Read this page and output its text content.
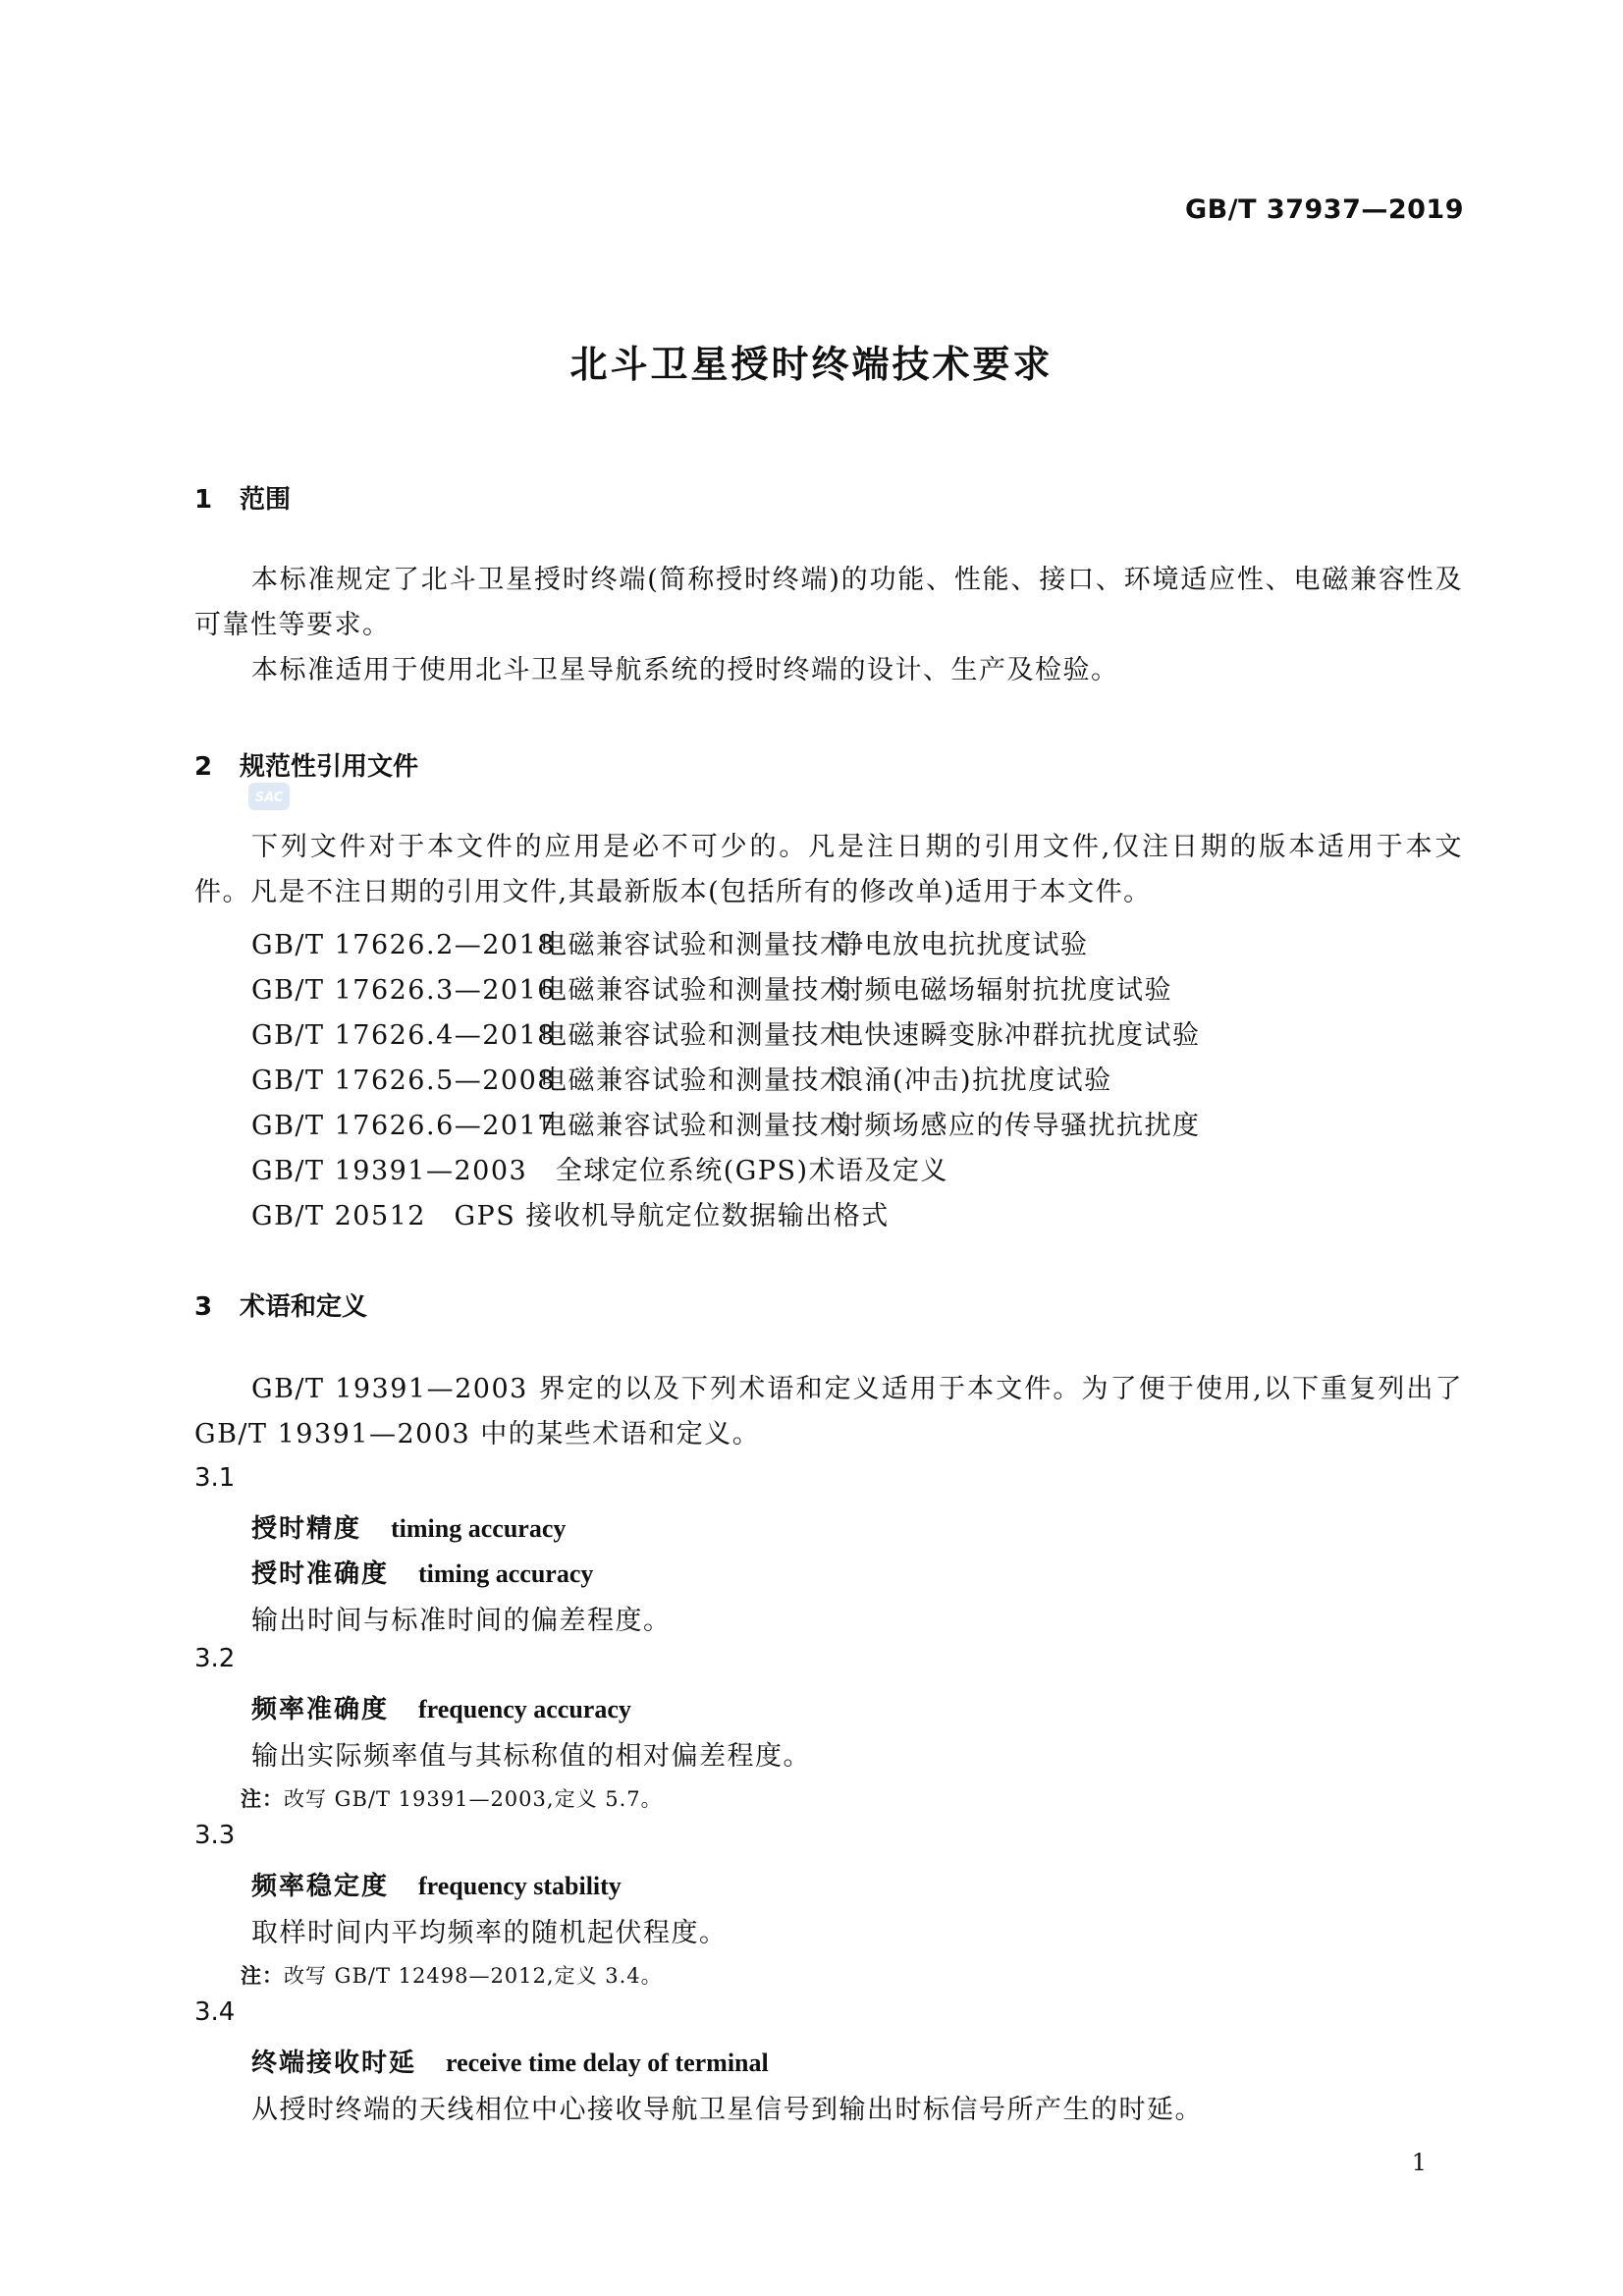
GB/T 37937—2019
北斗卫星授时终端技术要求
1 范围
本标准规定了北斗卫星授时终端(简称授时终端)的功能、性能、接口、环境适应性、电磁兼容性及可靠性等要求。
本标准适用于使用北斗卫星导航系统的授时终端的设计、生产及检验。
2 规范性引用文件
SAC
下列文件对于本文件的应用是必不可少的。凡是注日期的引用文件,仅注日期的版本适用于本文件。凡是不注日期的引用文件,其最新版本(包括所有的修改单)适用于本文件。
GB/T 17626.2—2018电磁兼容试验和测量技术静电放电抗扰度试验
GB/T 17626.3—2016电磁兼容试验和测量技术射频电磁场辐射抗扰度试验
GB/T 17626.4—2018电磁兼容试验和测量技术电快速瞬变脉冲群抗扰度试验
GB/T 17626.5—2008电磁兼容试验和测量技术浪涌(冲击)抗扰度试验
GB/T 17626.6—2017电磁兼容试验和测量技术射频场感应的传导骚扰抗扰度
GB/T 19391—2003　全球定位系统(GPS)术语及定义
GB/T 20512　GPS 接收机导航定位数据输出格式
3 术语和定义
GB/T 19391—2003 界定的以及下列术语和定义适用于本文件。为了便于使用,以下重复列出了 GB/T 19391—2003 中的某些术语和定义。
3.1
授时精度 timing accuracy
授时准确度 timing accuracy
输出时间与标准时间的偏差程度。
3.2
频率准确度 frequency accuracy
输出实际频率值与其标称值的相对偏差程度。
注：改写 GB/T 19391—2003,定义 5.7。
3.3
频率稳定度 frequency stability
取样时间内平均频率的随机起伏程度。
注：改写 GB/T 12498—2012,定义 3.4。
3.4
终端接收时延 receive time delay of terminal
从授时终端的天线相位中心接收导航卫星信号到输出时标信号所产生的时延。
1
